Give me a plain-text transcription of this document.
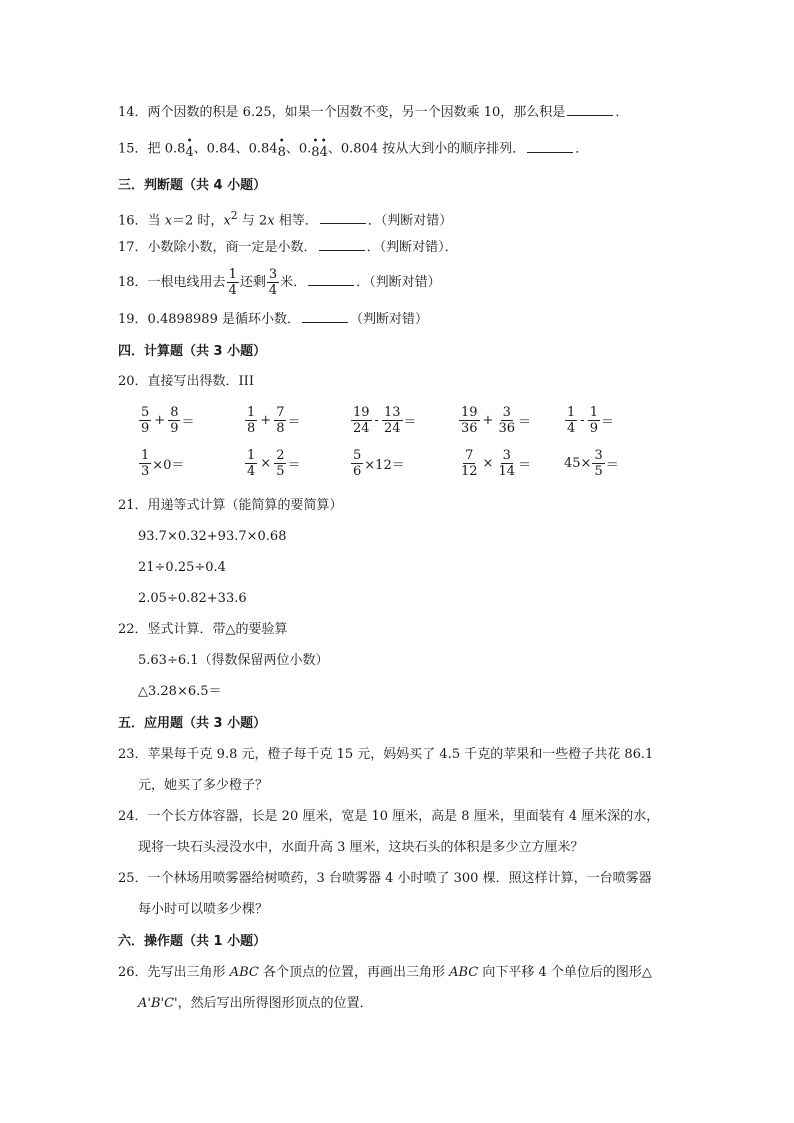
14．两个因数的积是 6.25，如果一个因数不变，另一个因数乘 10，那么积是	．
15．把 0.8 •
4 、0.84、0.84 •
8 、0. •
8
•
4 、0.804 按从大到小的顺序排列．	．
三．判断题（共 4 小题）
16．当 x＝2 时，$x^2$ 与 2x 相等．	．（判断对错）
17．小数除小数，商一定是小数．	．（判断对错）．
18．一根电线用去 $\frac{1}{4}$ 还剩 $\frac{3}{4}$ 米．	．（判断对错）
19．0.4898989 是循环小数．	（判断对错）
四．计算题（共 3 小题）
20．直接写出得数．III
$\frac{5}{9} + \frac{8}{9}$ ＝	$\frac{1}{8} + \frac{7}{8}$ ＝	$\frac{19}{24} - \frac{13}{24}$ ＝	$\frac{19}{36} + \frac{3}{36}$ ＝	$\frac{1}{4} - \frac{1}{9}$ ＝
$\frac{1}{3} \times 0=$	$\frac{1}{4} \times \frac{2}{5}$ ＝	$\frac{5}{6} \times 12=$	$\frac{7}{12} \times \frac{3}{14}$ ＝	$45\times \frac{3}{5}$ ＝
21．用递等式计算（能简算的要简算）
93.7×0.32+93.7×0.68
21÷0.25÷0.4
2.05÷0.82+33.6
22．竖式计算．带△的要验算
5.63÷6.1（得数保留两位小数）
△3.28×6.5＝
五．应用题（共 3 小题）
23．苹果每千克 9.8 元，橙子每千克 15 元，妈妈买了 4.5 千克的苹果和一些橙子共花 86.1
元，她买了多少橙子？
24．一个长方体容器，长是 20 厘米，宽是 10 厘米，高是 8 厘米，里面装有 4 厘米深的水，
现将一块石头浸没水中，水面升高 3 厘米，这块石头的体积是多少立方厘米？
25．一个林场用喷雾器给树喷药，3 台喷雾器 4 小时喷了 300 棵．照这样计算，一台喷雾器
每小时可以喷多少棵？
六．操作题（共 1 小题）
26．先写出三角形 ABC 各个顶点的位置，再画出三角形 ABC 向下平移 4 个单位后的图形△
A'B'C'，然后写出所得图形顶点的位置．
